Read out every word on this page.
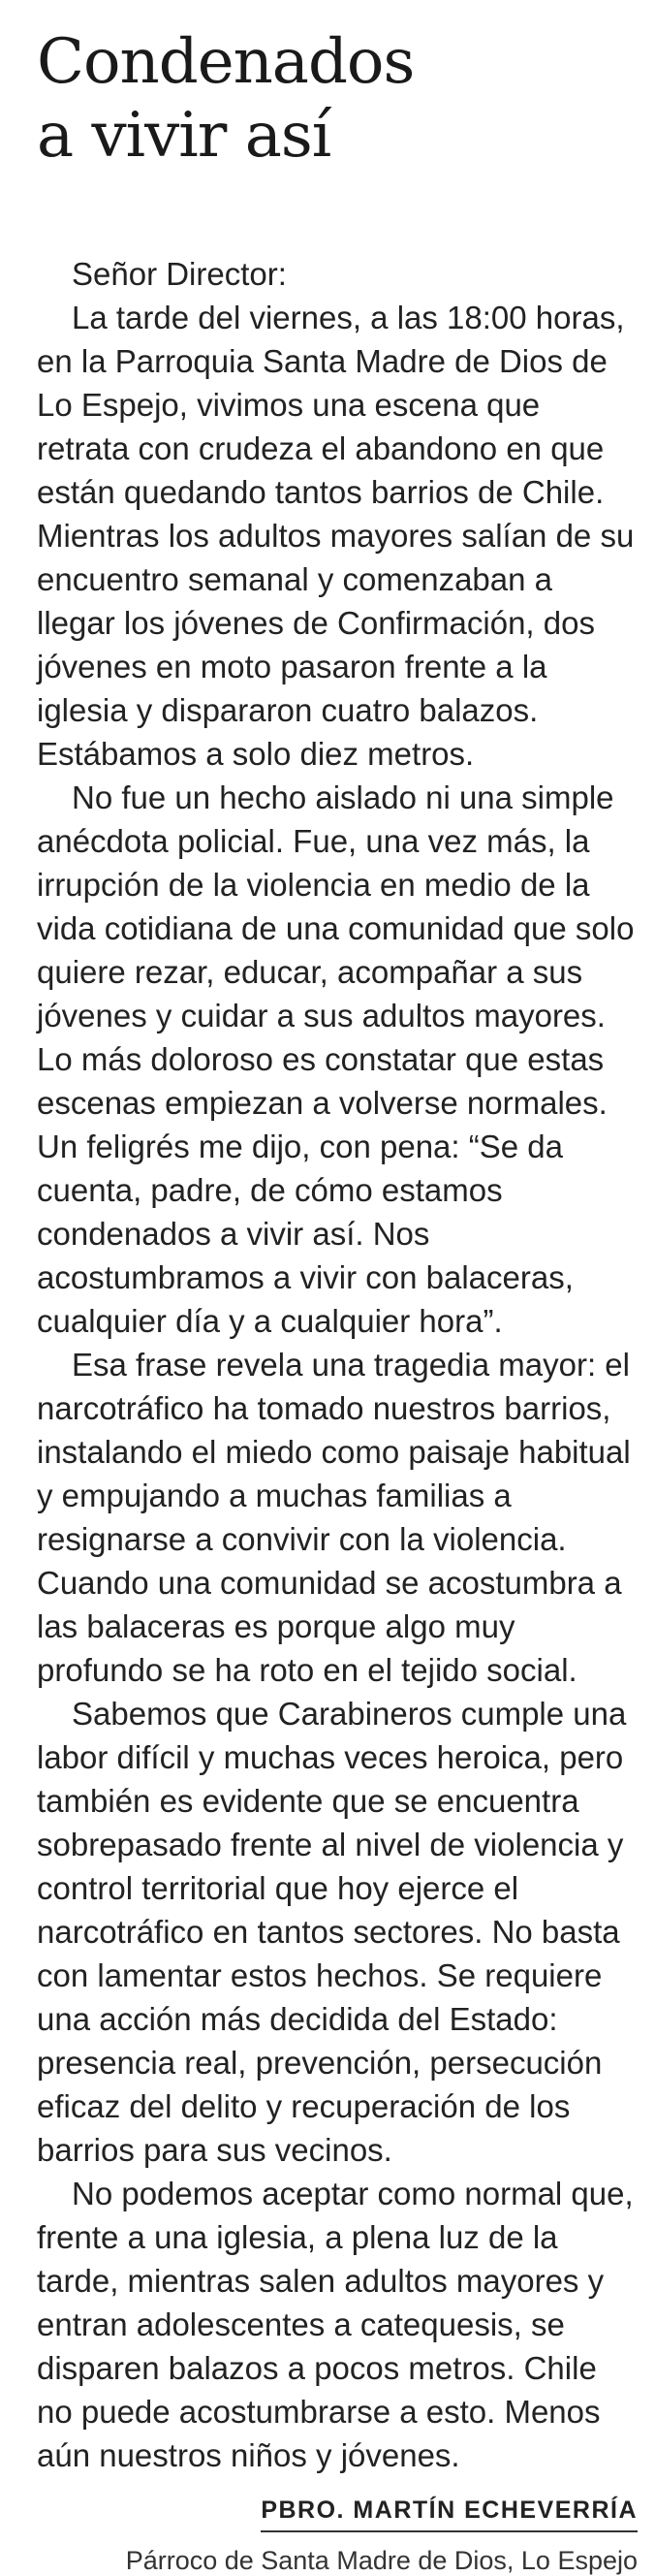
Condenados
a vivir así

Señor Director:

La tarde del viernes, a las 18:00 horas, en la Parroquia Santa Madre de Dios de Lo Espejo, vivimos una escena que retrata con crudeza el abandono en que están quedando tantos barrios de Chile. Mientras los adultos mayores salían de su encuentro semanal y comenzaban a llegar los jóvenes de Confirmación, dos jóvenes en moto pasaron frente a la iglesia y dispararon cuatro balazos. Estábamos a solo diez metros.

No fue un hecho aislado ni una simple anécdota policial. Fue, una vez más, la irrupción de la violencia en medio de la vida cotidiana de una comunidad que solo quiere rezar, educar, acompañar a sus jóvenes y cuidar a sus adultos mayores. Lo más doloroso es constatar que estas escenas empiezan a volverse normales. Un feligrés me dijo, con pena: “Se da cuenta, padre, de cómo estamos condenados a vivir así. Nos acostumbramos a vivir con balaceras, cualquier día y a cualquier hora”.

Esa frase revela una tragedia mayor: el narcotráfico ha tomado nuestros barrios, instalando el miedo como paisaje habitual y empujando a muchas familias a resignarse a convivir con la violencia. Cuando una comunidad se acostumbra a las balaceras es porque algo muy profundo se ha roto en el tejido social.

Sabemos que Carabineros cumple una labor difícil y muchas veces heroica, pero también es evidente que se encuentra sobrepasado frente al nivel de violencia y control territorial que hoy ejerce el narcotráfico en tantos sectores. No basta con lamentar estos hechos. Se requiere una acción más decidida del Estado: presencia real, prevención, persecución eficaz del delito y recuperación de los barrios para sus vecinos.

No podemos aceptar como normal que, frente a una iglesia, a plena luz de la tarde, mientras salen adultos mayores y entran adolescentes a catequesis, se disparen balazos a pocos metros. Chile no puede acostumbrarse a esto. Menos aún nuestros niños y jóvenes.

PBRO. MARTÍN ECHEVERRÍA
Párroco de Santa Madre de Dios, Lo Espejo
